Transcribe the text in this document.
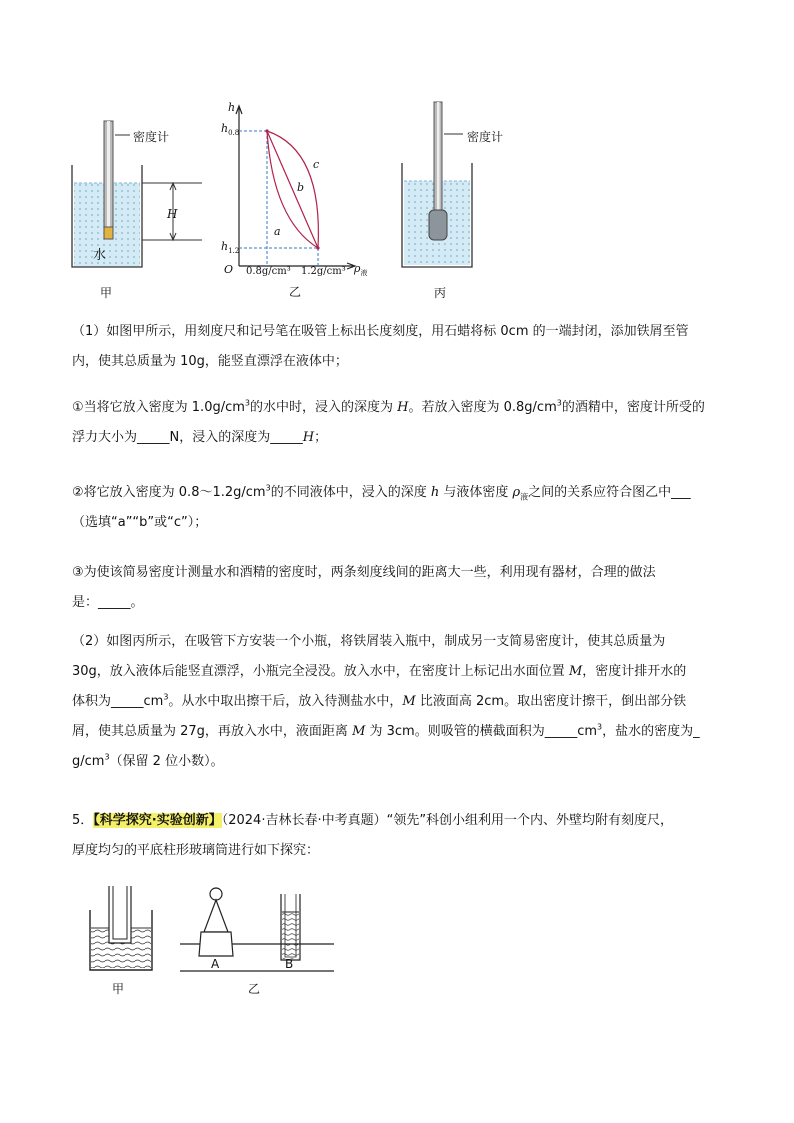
密度计
水
H
甲
h
$h_{0.8}$
$h_{1.2}$
O 0.8g/cm³ 1.2g/cm³ $\rho_液$
a
b
c
乙
密度计
丙
（1）如图甲所示，用刻度尺和记号笔在吸管上标出长度刻度，用石蜡将标 0cm 的一端封闭，添加铁屑至管
内，使其总质量为 10g，能竖直漂浮在液体中；
①当将它放入密度为 $1.0g/cm^3$的水中时，浸入的深度为 H。若放入密度为 $0.8g/cm^3$的酒精中，密度计所受的
浮力大小为_____N，浸入的深度为_____H；
②将它放入密度为 $0.8\sim 1.2g/cm^3$的不同液体中，浸入的深度 h 与液体密度 $\rho_液$之间的关系应符合图乙中___
（选填“a”“b”或“c”）；
③为使该简易密度计测量水和酒精的密度时，两条刻度线间的距离大一些，利用现有器材，合理的做法
是：_____。
（2）如图丙所示，在吸管下方安装一个小瓶，将铁屑装入瓶中，制成另一支简易密度计，使其总质量为
30g，放入液体后能竖直漂浮，小瓶完全浸没。放入水中，在密度计上标记出水面位置 M，密度计排开水的
体积为$\_\_\_\_\_cm^3$。从水中取出擦干后，放入待测盐水中，M 比液面高 2cm。取出密度计擦干，倒出部分铁
屑，使其总质量为 27g，再放入水中，液面距离 M 为 3cm。则吸管的横截面积为$\_\_\_\_\_cm^3$，盐水的密度为_
$g/cm^3$（保留 2 位小数）。
5．【科学探究·实验创新】（2024·吉林长春·中考真题）“领先”科创小组利用一个内、外壁均附有刻度尺，
厚度均匀的平底柱形玻璃筒进行如下探究：
甲
A	B
乙
